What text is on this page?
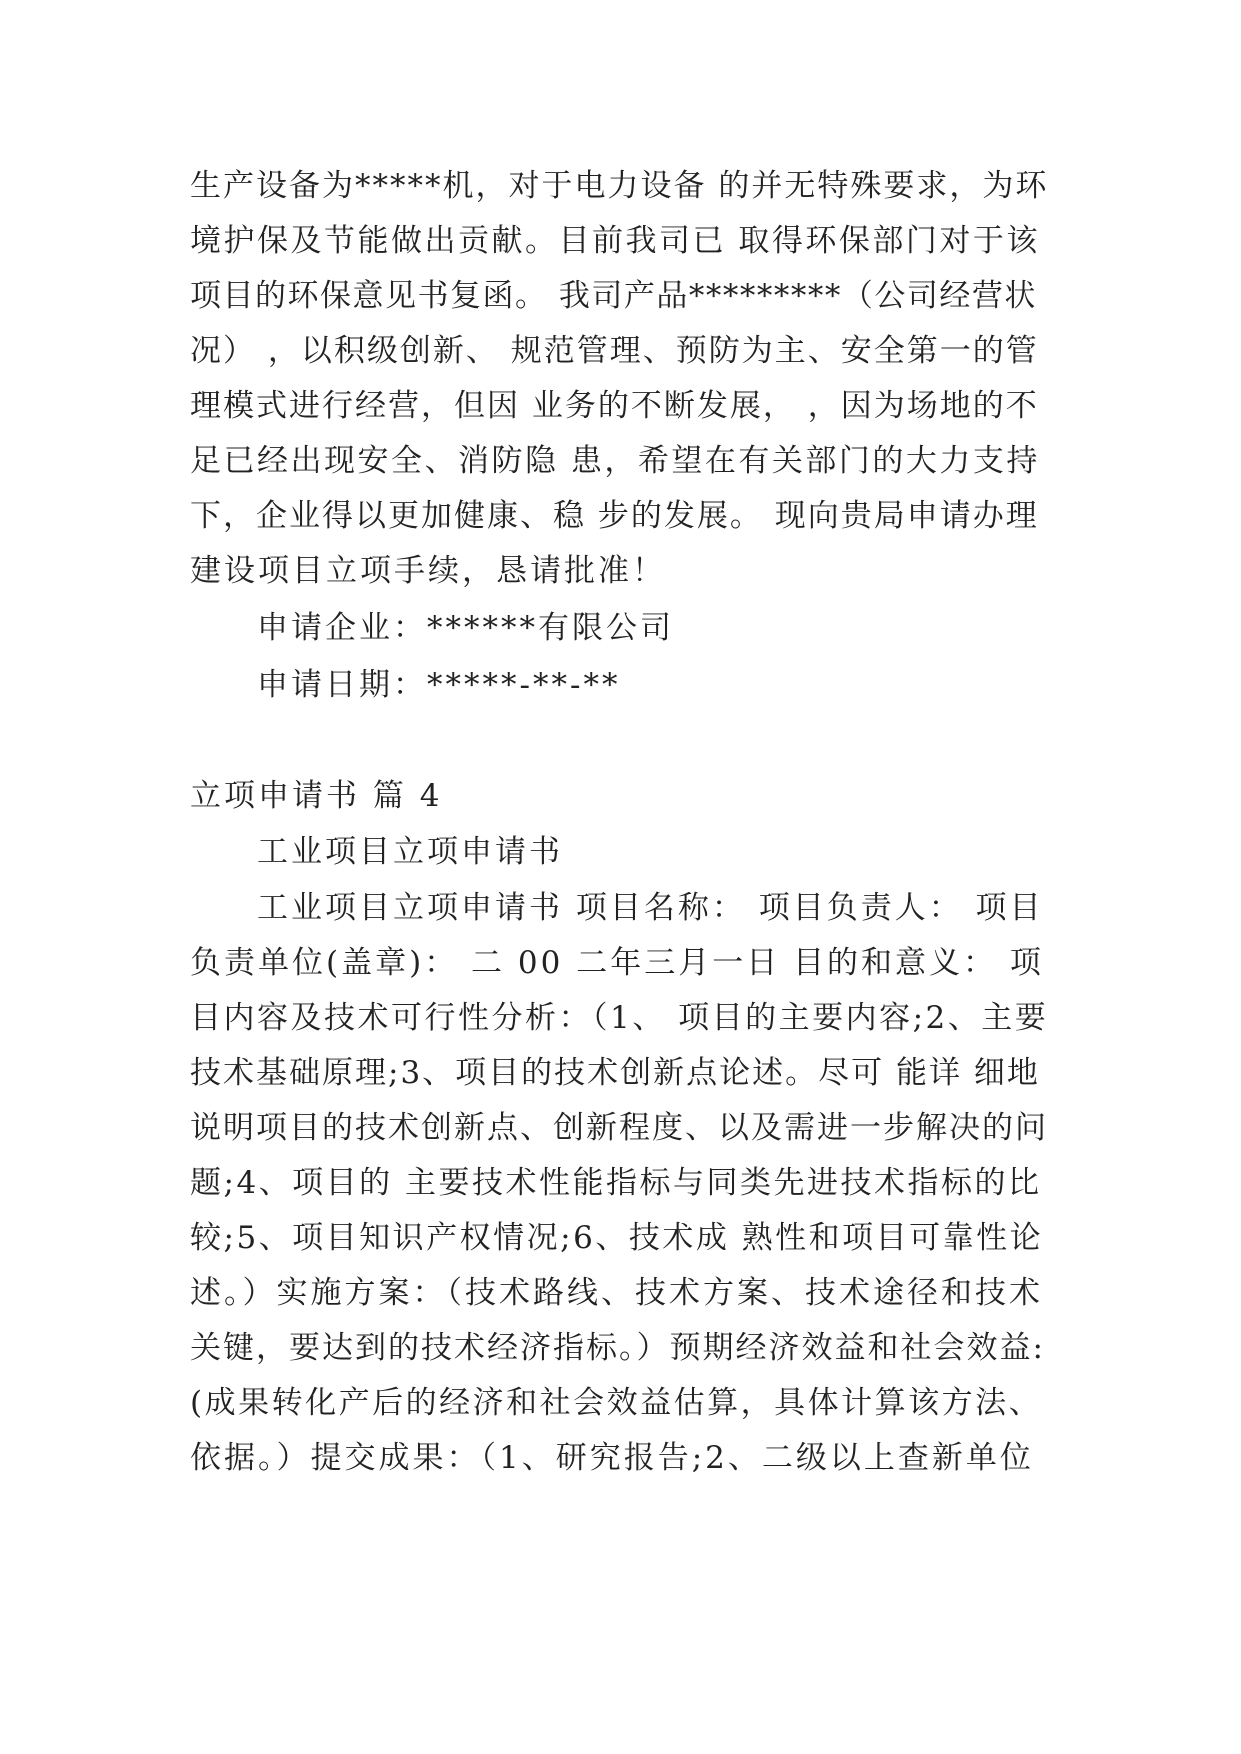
生产设备为*****机，对于电力设备 的并无特殊要求，为环
境护保及节能做出贡献。目前我司已 取得环保部门对于该
项目的环保意见书复函。 我司产品*********（公司经营状
况） ，以积级创新、 规范管理、预防为主、安全第一的管
理模式进行经营，但因 业务的不断发展， ，因为场地的不
足已经出现安全、消防隐 患，希望在有关部门的大力支持
下，企业得以更加健康、稳 步的发展。 现向贵局申请办理
建设项目立项手续，恳请批准！
申请企业：******有限公司
申请日期：*****-**-**
立项申请书 篇 4
工业项目立项申请书
工业项目立项申请书 项目名称： 项目负责人： 项目
负责单位(盖章)： 二 00 二年三月一日 目的和意义： 项
目内容及技术可行性分析：（1、 项目的主要内容;2、主要
技术基础原理;3、项目的技术创新点论述。尽可 能详 细地
说明项目的技术创新点、创新程度、以及需进一步解决的问
题;4、项目的 主要技术性能指标与同类先进技术指标的比
较;5、项目知识产权情况;6、技术成 熟性和项目可靠性论
述。）实施方案：（技术路线、技术方案、技术途径和技术
关键，要达到的技术经济指标。）预期经济效益和社会效益:
(成果转化产后的经济和社会效益估算，具体计算该方法、
依据。）提交成果：（1、研究报告;2、二级以上查新单位
